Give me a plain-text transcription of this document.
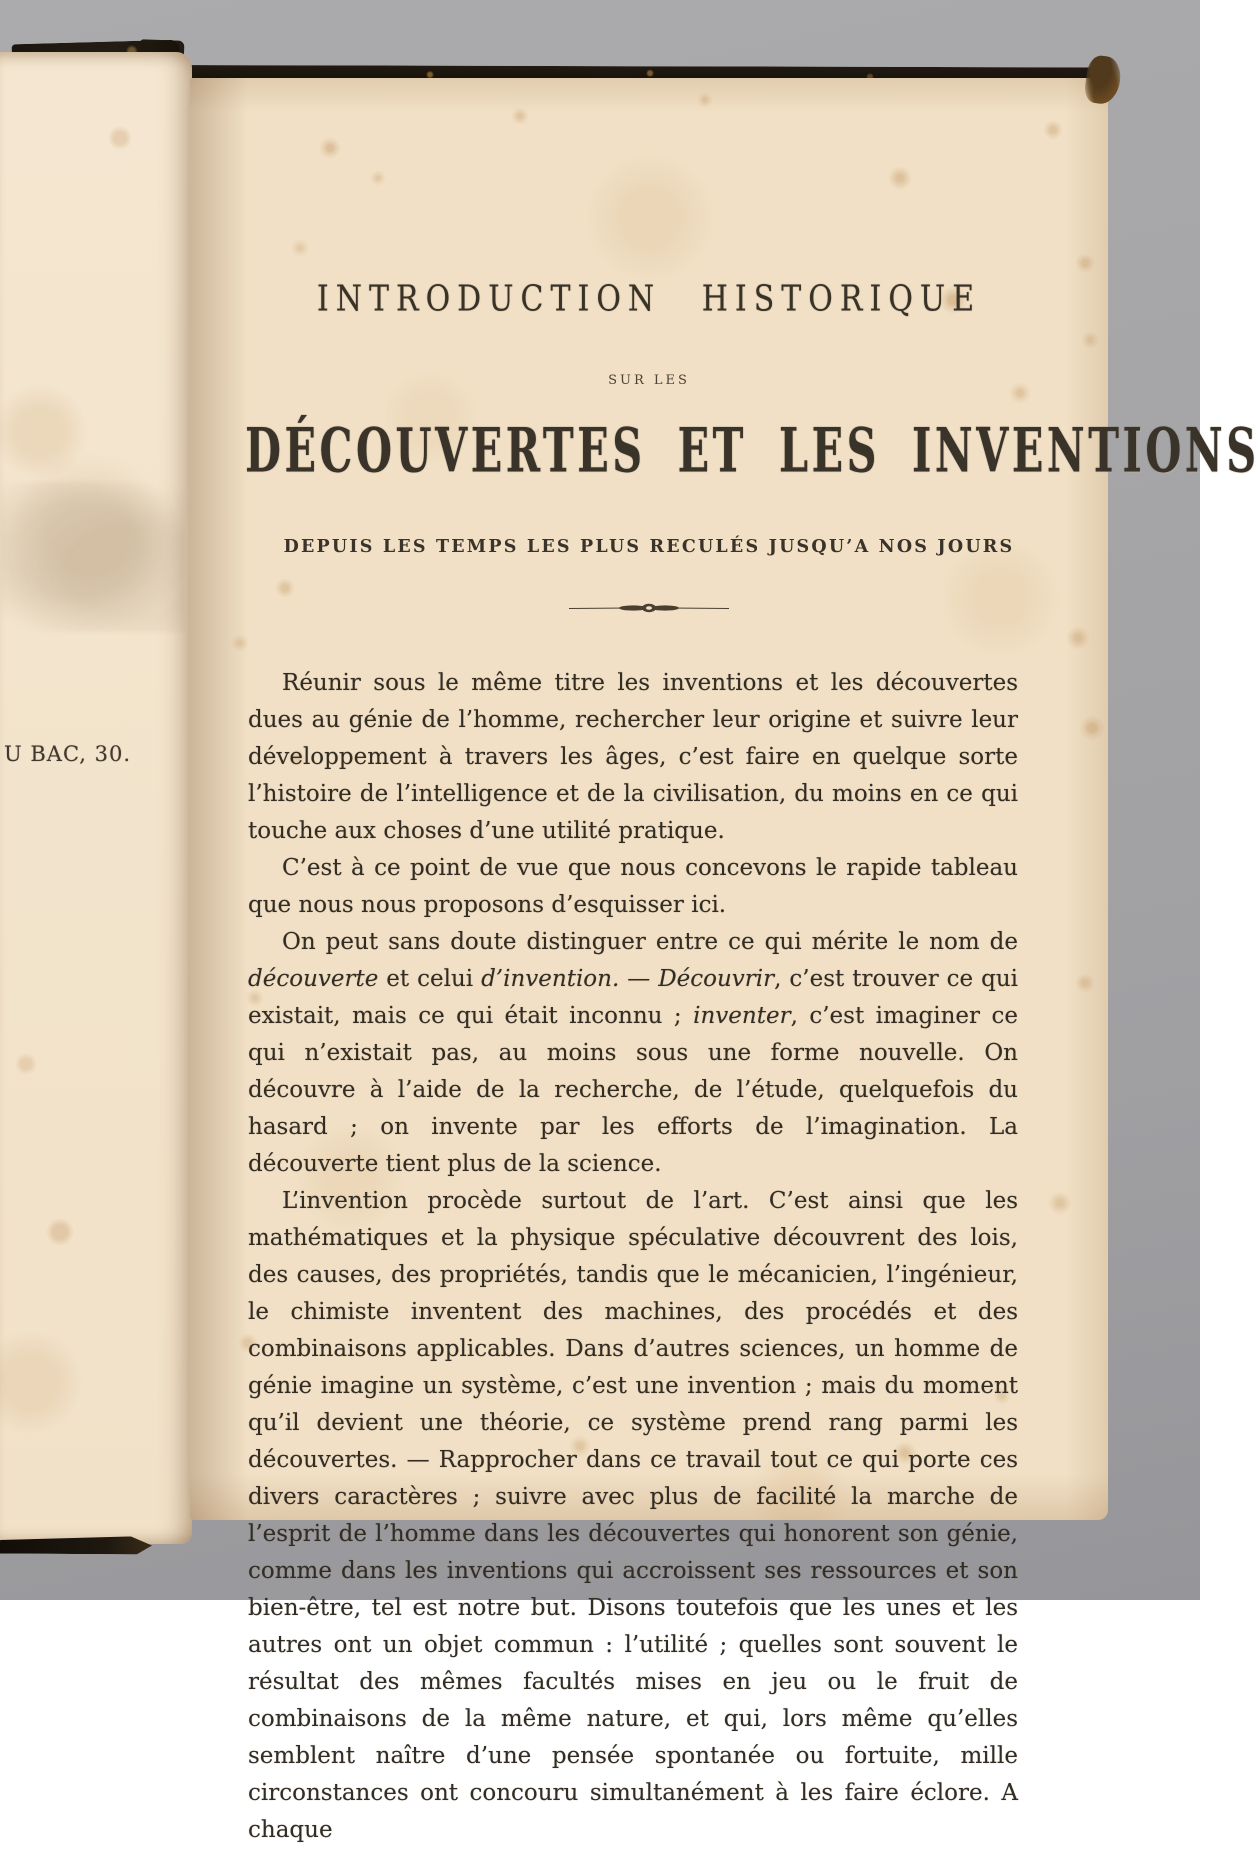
U BAC, 30.
INTRODUCTION HISTORIQUE
SUR LES
DÉCOUVERTES ET LES INVENTIONS
DEPUIS LES TEMPS LES PLUS RECULÉS JUSQU’A NOS JOURS

Réunir sous le même titre les inventions et les découvertes dues au génie de l’homme, rechercher leur origine et suivre leur développement à travers les âges, c’est faire en quelque sorte l’histoire de l’intelligence et de la civilisation, du moins en ce qui touche aux choses d’une utilité pratique.

C’est à ce point de vue que nous concevons le rapide tableau que nous nous proposons d’esquisser ici.

On peut sans doute distinguer entre ce qui mérite le nom de découverte et celui d’invention. — Découvrir, c’est trouver ce qui existait, mais ce qui était inconnu ; inventer, c’est imaginer ce qui n’existait pas, au moins sous une forme nouvelle. On découvre à l’aide de la recherche, de l’étude, quelquefois du hasard ; on invente par les efforts de l’imagination. La découverte tient plus de la science.

L’invention procède surtout de l’art. C’est ainsi que les mathématiques et la physique spéculative découvrent des lois, des causes, des propriétés, tandis que le mécanicien, l’ingénieur, le chimiste inventent des machines, des procédés et des combinaisons applicables. Dans d’autres sciences, un homme de génie imagine un système, c’est une invention ; mais du moment qu’il devient une théorie, ce système prend rang parmi les découvertes. — Rapprocher dans ce travail tout ce qui porte ces divers caractères ; suivre avec plus de facilité la marche de l’esprit de l’homme dans les découvertes qui honorent son génie, comme dans les inventions qui accroissent ses ressources et son bien-être, tel est notre but. Disons toutefois que les unes et les autres ont un objet commun : l’utilité ; quelles sont souvent le résultat des mêmes facultés mises en jeu ou le fruit de combinaisons de la même nature, et qui, lors même qu’elles semblent naître d’une pensée spontanée ou fortuite, mille circonstances ont concouru simultanément à les faire éclore. A chaque
